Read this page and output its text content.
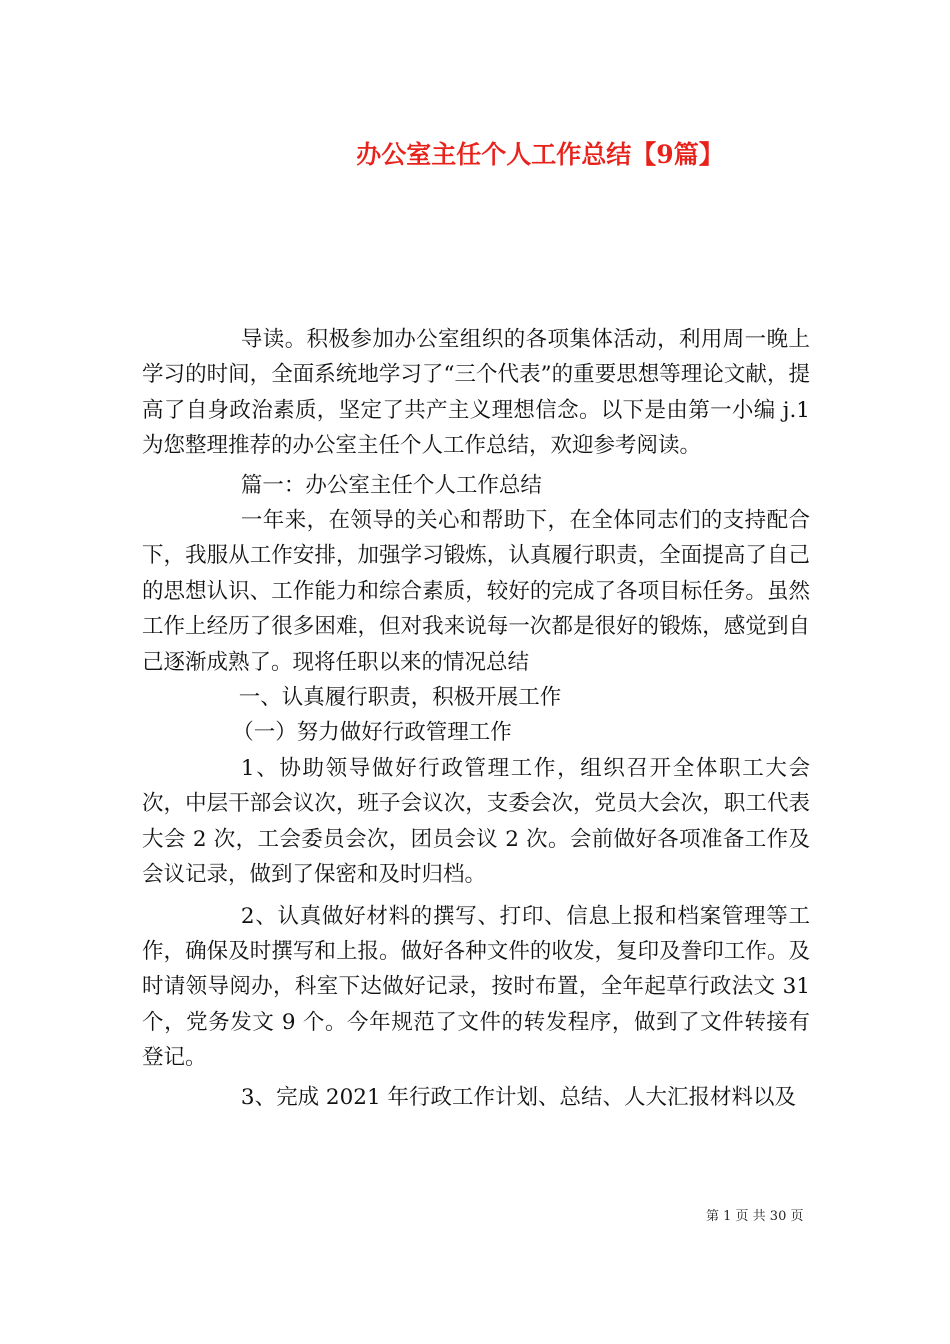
办公室主任个人工作总结【9篇】

导读。积极参加办公室组织的各项集体活动，利用周一晚上学习的时间，全面系统地学习了“三个代表”的重要思想等理论文献，提高了自身政治素质，坚定了共产主义理想信念。以下是由第一小编 j.1 为您整理推荐的办公室主任个人工作总结，欢迎参考阅读。

篇一：办公室主任个人工作总结

一年来，在领导的关心和帮助下，在全体同志们的支持配合下，我服从工作安排，加强学习锻炼，认真履行职责，全面提高了自己的思想认识、工作能力和综合素质，较好的完成了各项目标任务。虽然工作上经历了很多困难，但对我来说每一次都是很好的锻炼，感觉到自己逐渐成熟了。现将任职以来的情况总结

一、认真履行职责，积极开展工作

（一）努力做好行政管理工作

1、协助领导做好行政管理工作，组织召开全体职工大会次，中层干部会议次，班子会议次，支委会次，党员大会次，职工代表大会 2 次，工会委员会次，团员会议 2 次。会前做好各项准备工作及会议记录，做到了保密和及时归档。

2、认真做好材料的撰写、打印、信息上报和档案管理等工作，确保及时撰写和上报。做好各种文件的收发，复印及誊印工作。及时请领导阅办，科室下达做好记录，按时布置，全年起草行政法文 31 个，党务发文 9 个。今年规范了文件的转发程序，做到了文件转接有登记。

3、完成 2021 年行政工作计划、总结、人大汇报材料以及

第 1 页 共 30 页
